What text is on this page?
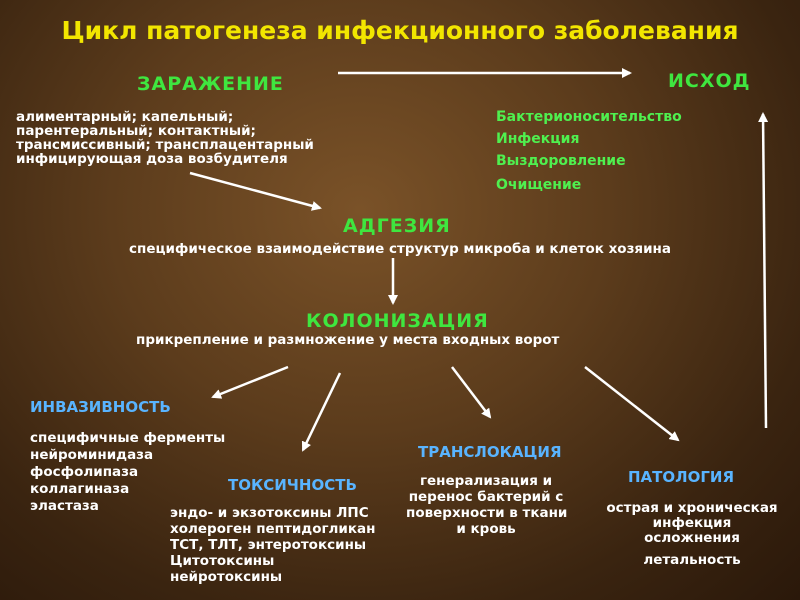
Цикл патогенеза инфекционного заболевания
ЗАРАЖЕНИЕ
алиментарный; капельный;
парентеральный; контактный;
трансмиссивный; трансплацентарный
инфицирующая доза возбудителя
ИСХОД
Бактерионосительство
Инфекция
Выздоровление
Очищение
АДГЕЗИЯ
специфическое взаимодействие структур микроба и клеток хозяина
КОЛОНИЗАЦИЯ
прикрепление и размножение у места входных ворот
ИНВАЗИВНОСТЬ
специфичные ферменты
нейроминидаза
фосфолипаза
коллагиназа
эластаза
ТОКСИЧНОСТЬ
эндо- и экзотоксины ЛПС
холероген пептидогликан
ТСТ, ТЛТ, энтеротоксины
Цитотоксины
нейротоксины
ТРАНСЛОКАЦИЯ
генерализация и
перенос бактерий с
поверхности в ткани
и кровь
ПАТОЛОГИЯ
острая и хроническая
инфекция
осложнения
летальность
